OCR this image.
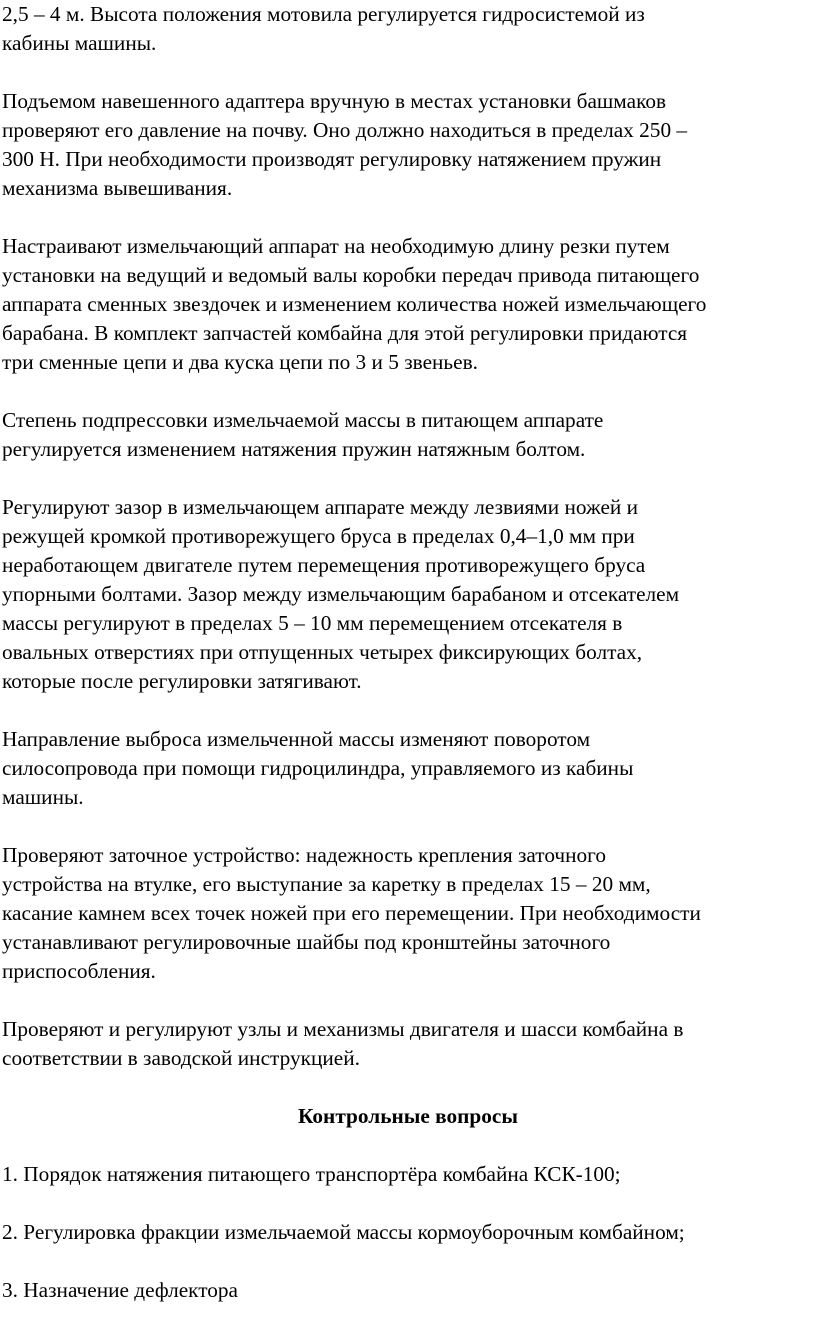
2,5 – 4 м. Высота положения мотовила регулируется гидросистемой из
кабины машины.

Подъемом навешенного адаптера вручную в местах установки башмаков
проверяют его давление на почву. Оно должно находиться в пределах 250 –
300 Н. При необходимости производят регулировку натяжением пружин
механизма вывешивания.

Настраивают измельчающий аппарат на необходимую длину резки путем
установки на ведущий и ведомый валы коробки передач привода питающего
аппарата сменных звездочек и изменением количества ножей измельчающего
барабана. В комплект запчастей комбайна для этой регулировки придаются
три сменные цепи и два куска цепи по 3 и 5 звеньев.

Степень подпрессовки измельчаемой массы в питающем аппарате
регулируется изменением натяжения пружин натяжным болтом.

Регулируют зазор в измельчающем аппарате между лезвиями ножей и
режущей кромкой противорежущего бруса в пределах 0,4–1,0 мм при
неработающем двигателе путем перемещения противорежущего бруса
упорными болтами. Зазор между измельчающим барабаном и отсекателем
массы регулируют в пределах 5 – 10 мм перемещением отсекателя в
овальных отверстиях при отпущенных четырех фиксирующих болтах,
которые после регулировки затягивают.

Направление выброса измельченной массы изменяют поворотом
силосопровода при помощи гидроцилиндра, управляемого из кабины
машины.

Проверяют заточное устройство: надежность крепления заточного
устройства на втулке, его выступание за каретку в пределах 15 – 20 мм,
касание камнем всех точек ножей при его перемещении. При необходимости
устанавливают регулировочные шайбы под кронштейны заточного
приспособления.

Проверяют и регулируют узлы и механизмы двигателя и шасси комбайна в
соответствии в заводской инструкцией.

Контрольные вопросы

1. Порядок натяжения питающего транспортёра комбайна КСК-100;

2. Регулировка фракции измельчаемой массы кормоуборочным комбайном;

3. Назначение дефлектора
